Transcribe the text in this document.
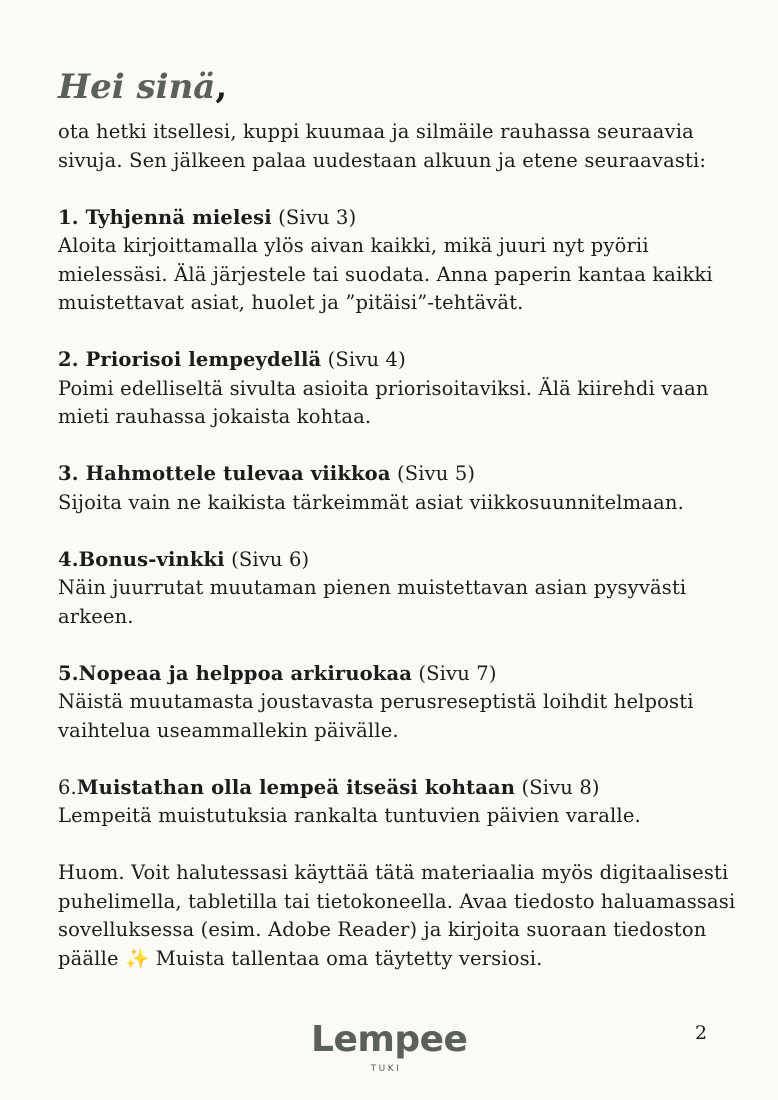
Hei sinä,

ota hetki itsellesi, kuppi kuumaa ja silmäile rauhassa seuraavia sivuja. Sen jälkeen palaa uudestaan alkuun ja etene seuraavasti:

1. Tyhjennä mielesi (Sivu 3)

Aloita kirjoittamalla ylös aivan kaikki, mikä juuri nyt pyörii mielessäsi. Älä järjestele tai suodata. Anna paperin kantaa kaikki muistettavat asiat, huolet ja ”pitäisi”-tehtävät.

2. Priorisoi lempeydellä (Sivu 4)

Poimi edelliseltä sivulta asioita priorisoitaviksi. Älä kiirehdi vaan mieti rauhassa jokaista kohtaa.

3. Hahmottele tulevaa viikkoa (Sivu 5)

Sijoita vain ne kaikista tärkeimmät asiat viikkosuunnitelmaan.

4.Bonus-vinkki (Sivu 6)

Näin juurrutat muutaman pienen muistettavan asian pysyvästi arkeen.

5.Nopeaa ja helppoa arkiruokaa (Sivu 7)

Näistä muutamasta joustavasta perusreseptistä loihdit helposti vaihtelua useammallekin päivälle.

6.Muistathan olla lempeä itseäsi kohtaan (Sivu 8)

Lempeitä muistutuksia rankalta tuntuvien päivien varalle.

Huom. Voit halutessasi käyttää tätä materiaalia myös digitaalisesti puhelimella, tabletilla tai tietokoneella. Avaa tiedosto haluamassasi sovelluksessa (esim. Adobe Reader) ja kirjoita suoraan tiedoston päälle ✨ Muista tallentaa oma täytetty versiosi.

Lempee
TUKI
2
